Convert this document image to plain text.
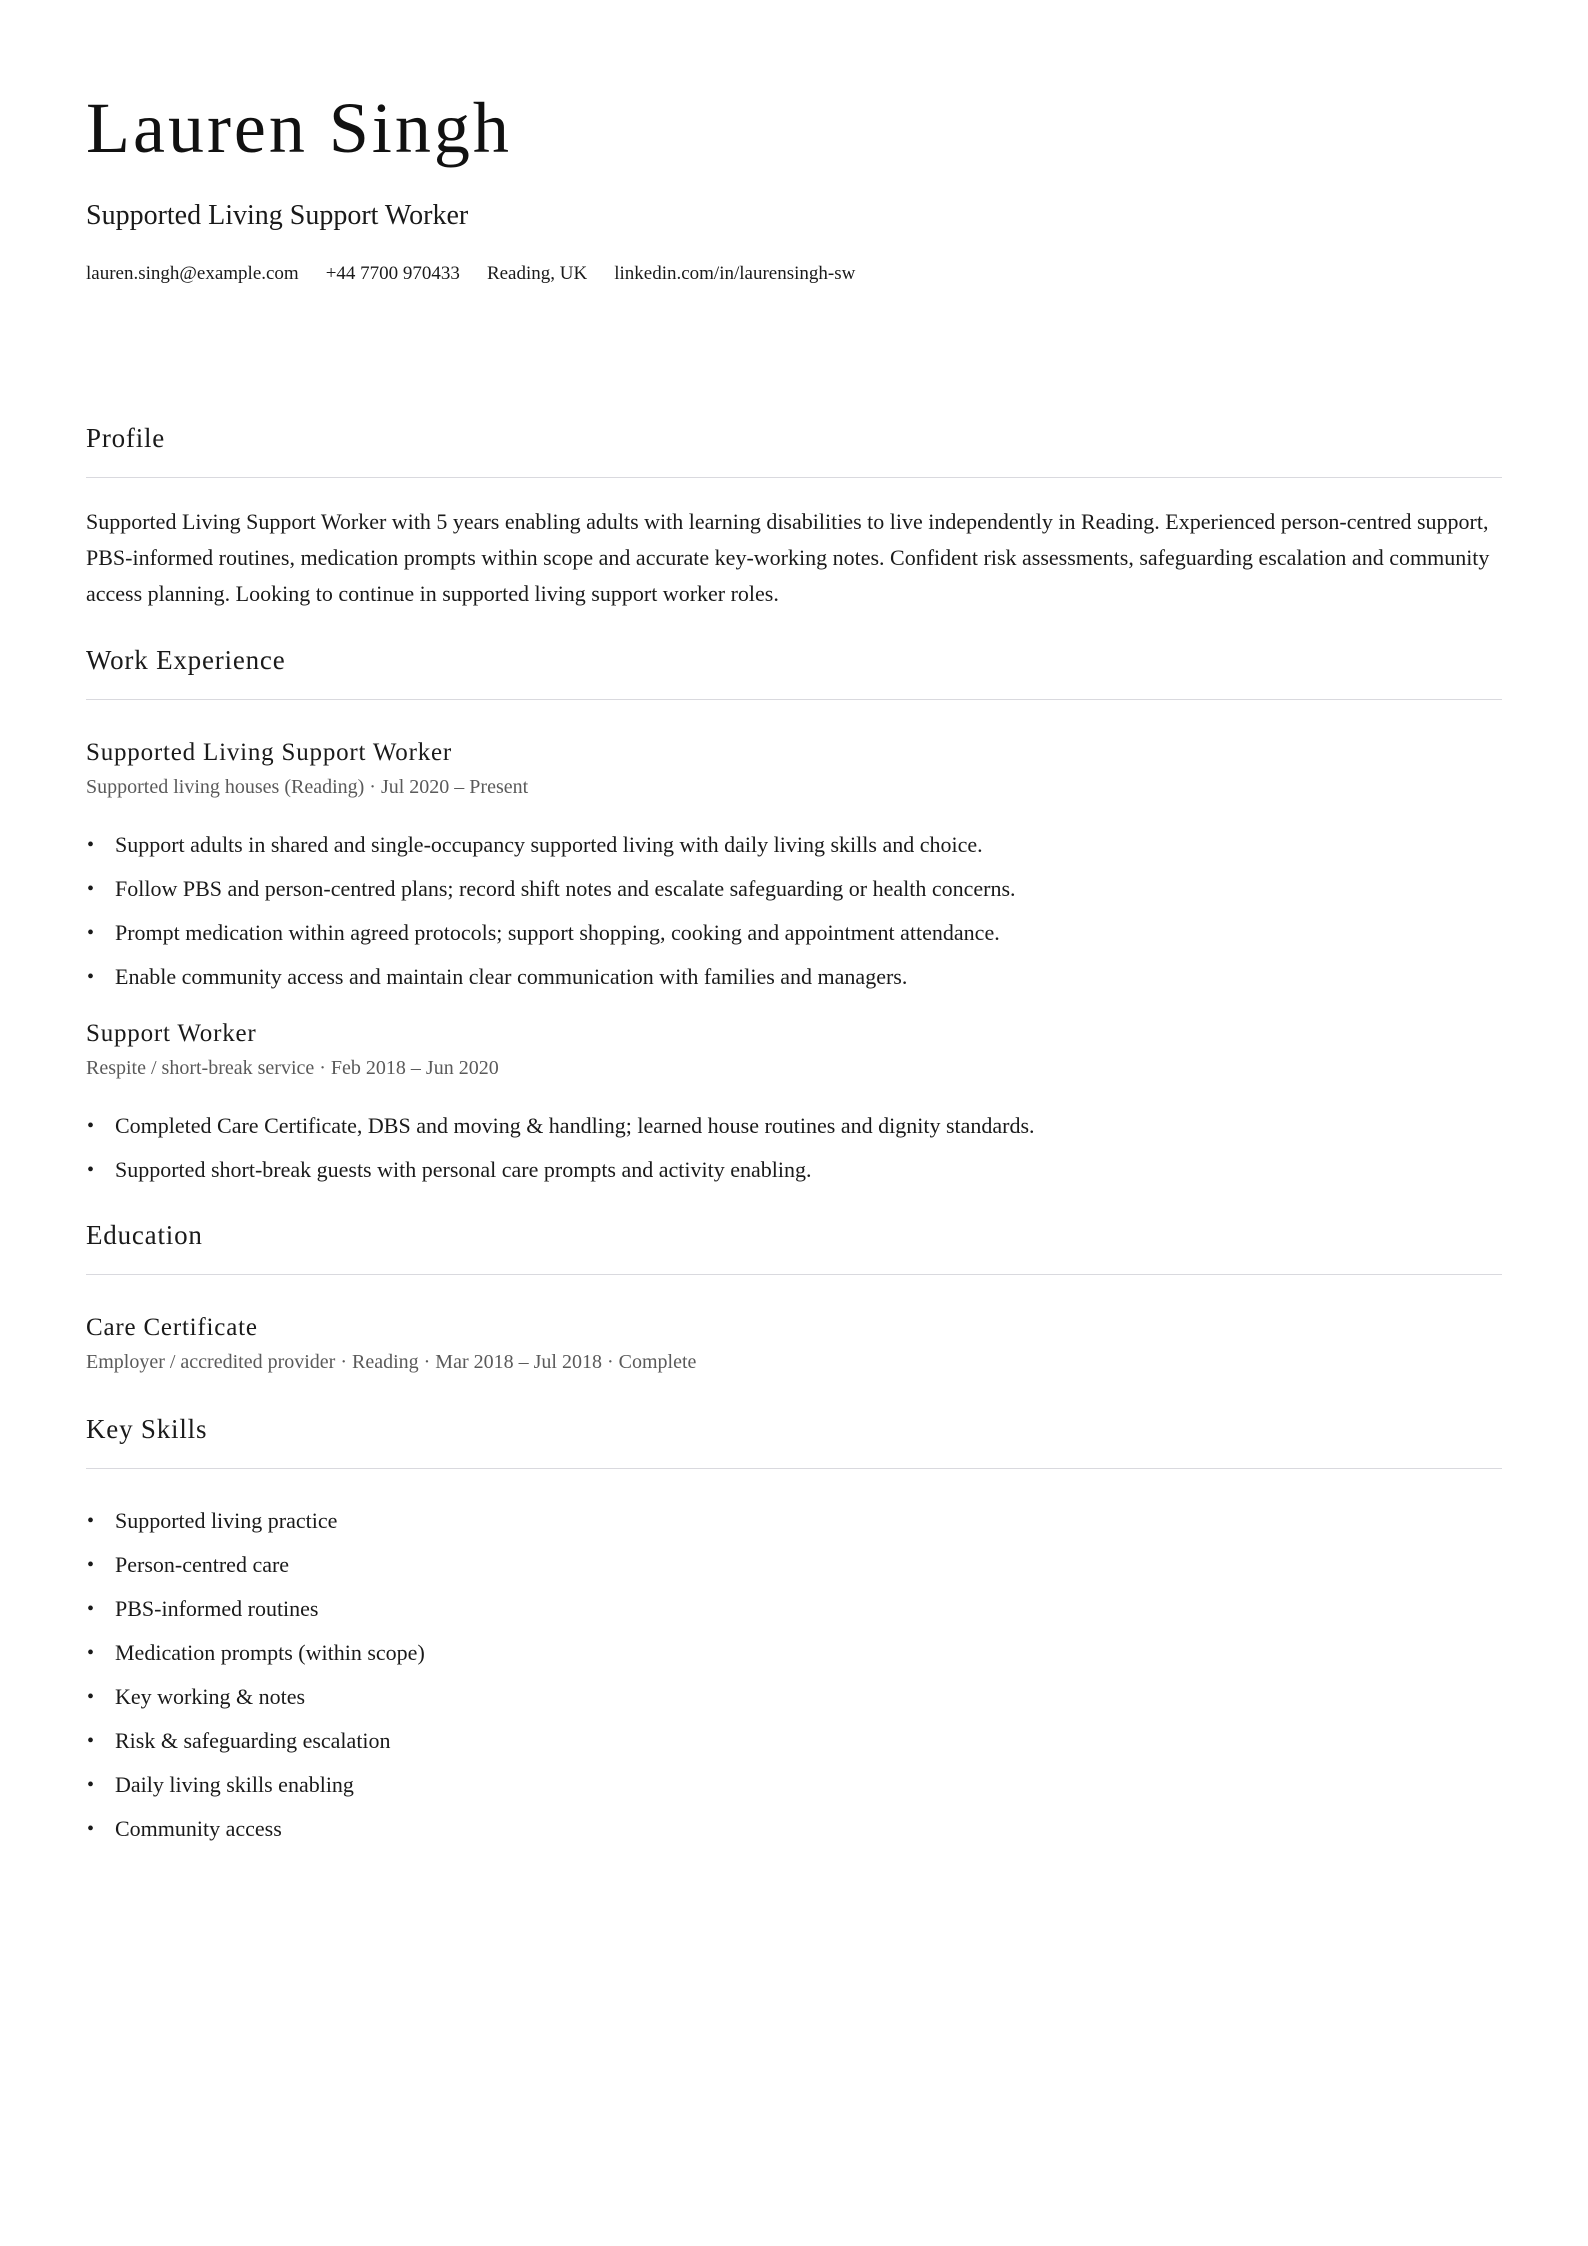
Lauren Singh
Supported Living Support Worker
lauren.singh@example.com +44 7700 970433 Reading, UK linkedin.com/in/laurensingh-sw
Profile
Supported Living Support Worker with 5 years enabling adults with learning disabilities to live independently in Reading. Experienced person-centred support, PBS-informed routines, medication prompts within scope and accurate key-working notes. Confident risk assessments, safeguarding escalation and community access planning. Looking to continue in supported living support worker roles.
Work Experience
Supported Living Support Worker
Supported living houses (Reading) · Jul 2020 – Present
• Support adults in shared and single-occupancy supported living with daily living skills and choice.
• Follow PBS and person-centred plans; record shift notes and escalate safeguarding or health concerns.
• Prompt medication within agreed protocols; support shopping, cooking and appointment attendance.
• Enable community access and maintain clear communication with families and managers.
Support Worker
Respite / short-break service · Feb 2018 – Jun 2020
• Completed Care Certificate, DBS and moving & handling; learned house routines and dignity standards.
• Supported short-break guests with personal care prompts and activity enabling.
Education
Care Certificate
Employer / accredited provider · Reading · Mar 2018 – Jul 2018 · Complete
Key Skills
• Supported living practice
• Person-centred care
• PBS-informed routines
• Medication prompts (within scope)
• Key working & notes
• Risk & safeguarding escalation
• Daily living skills enabling
• Community access
